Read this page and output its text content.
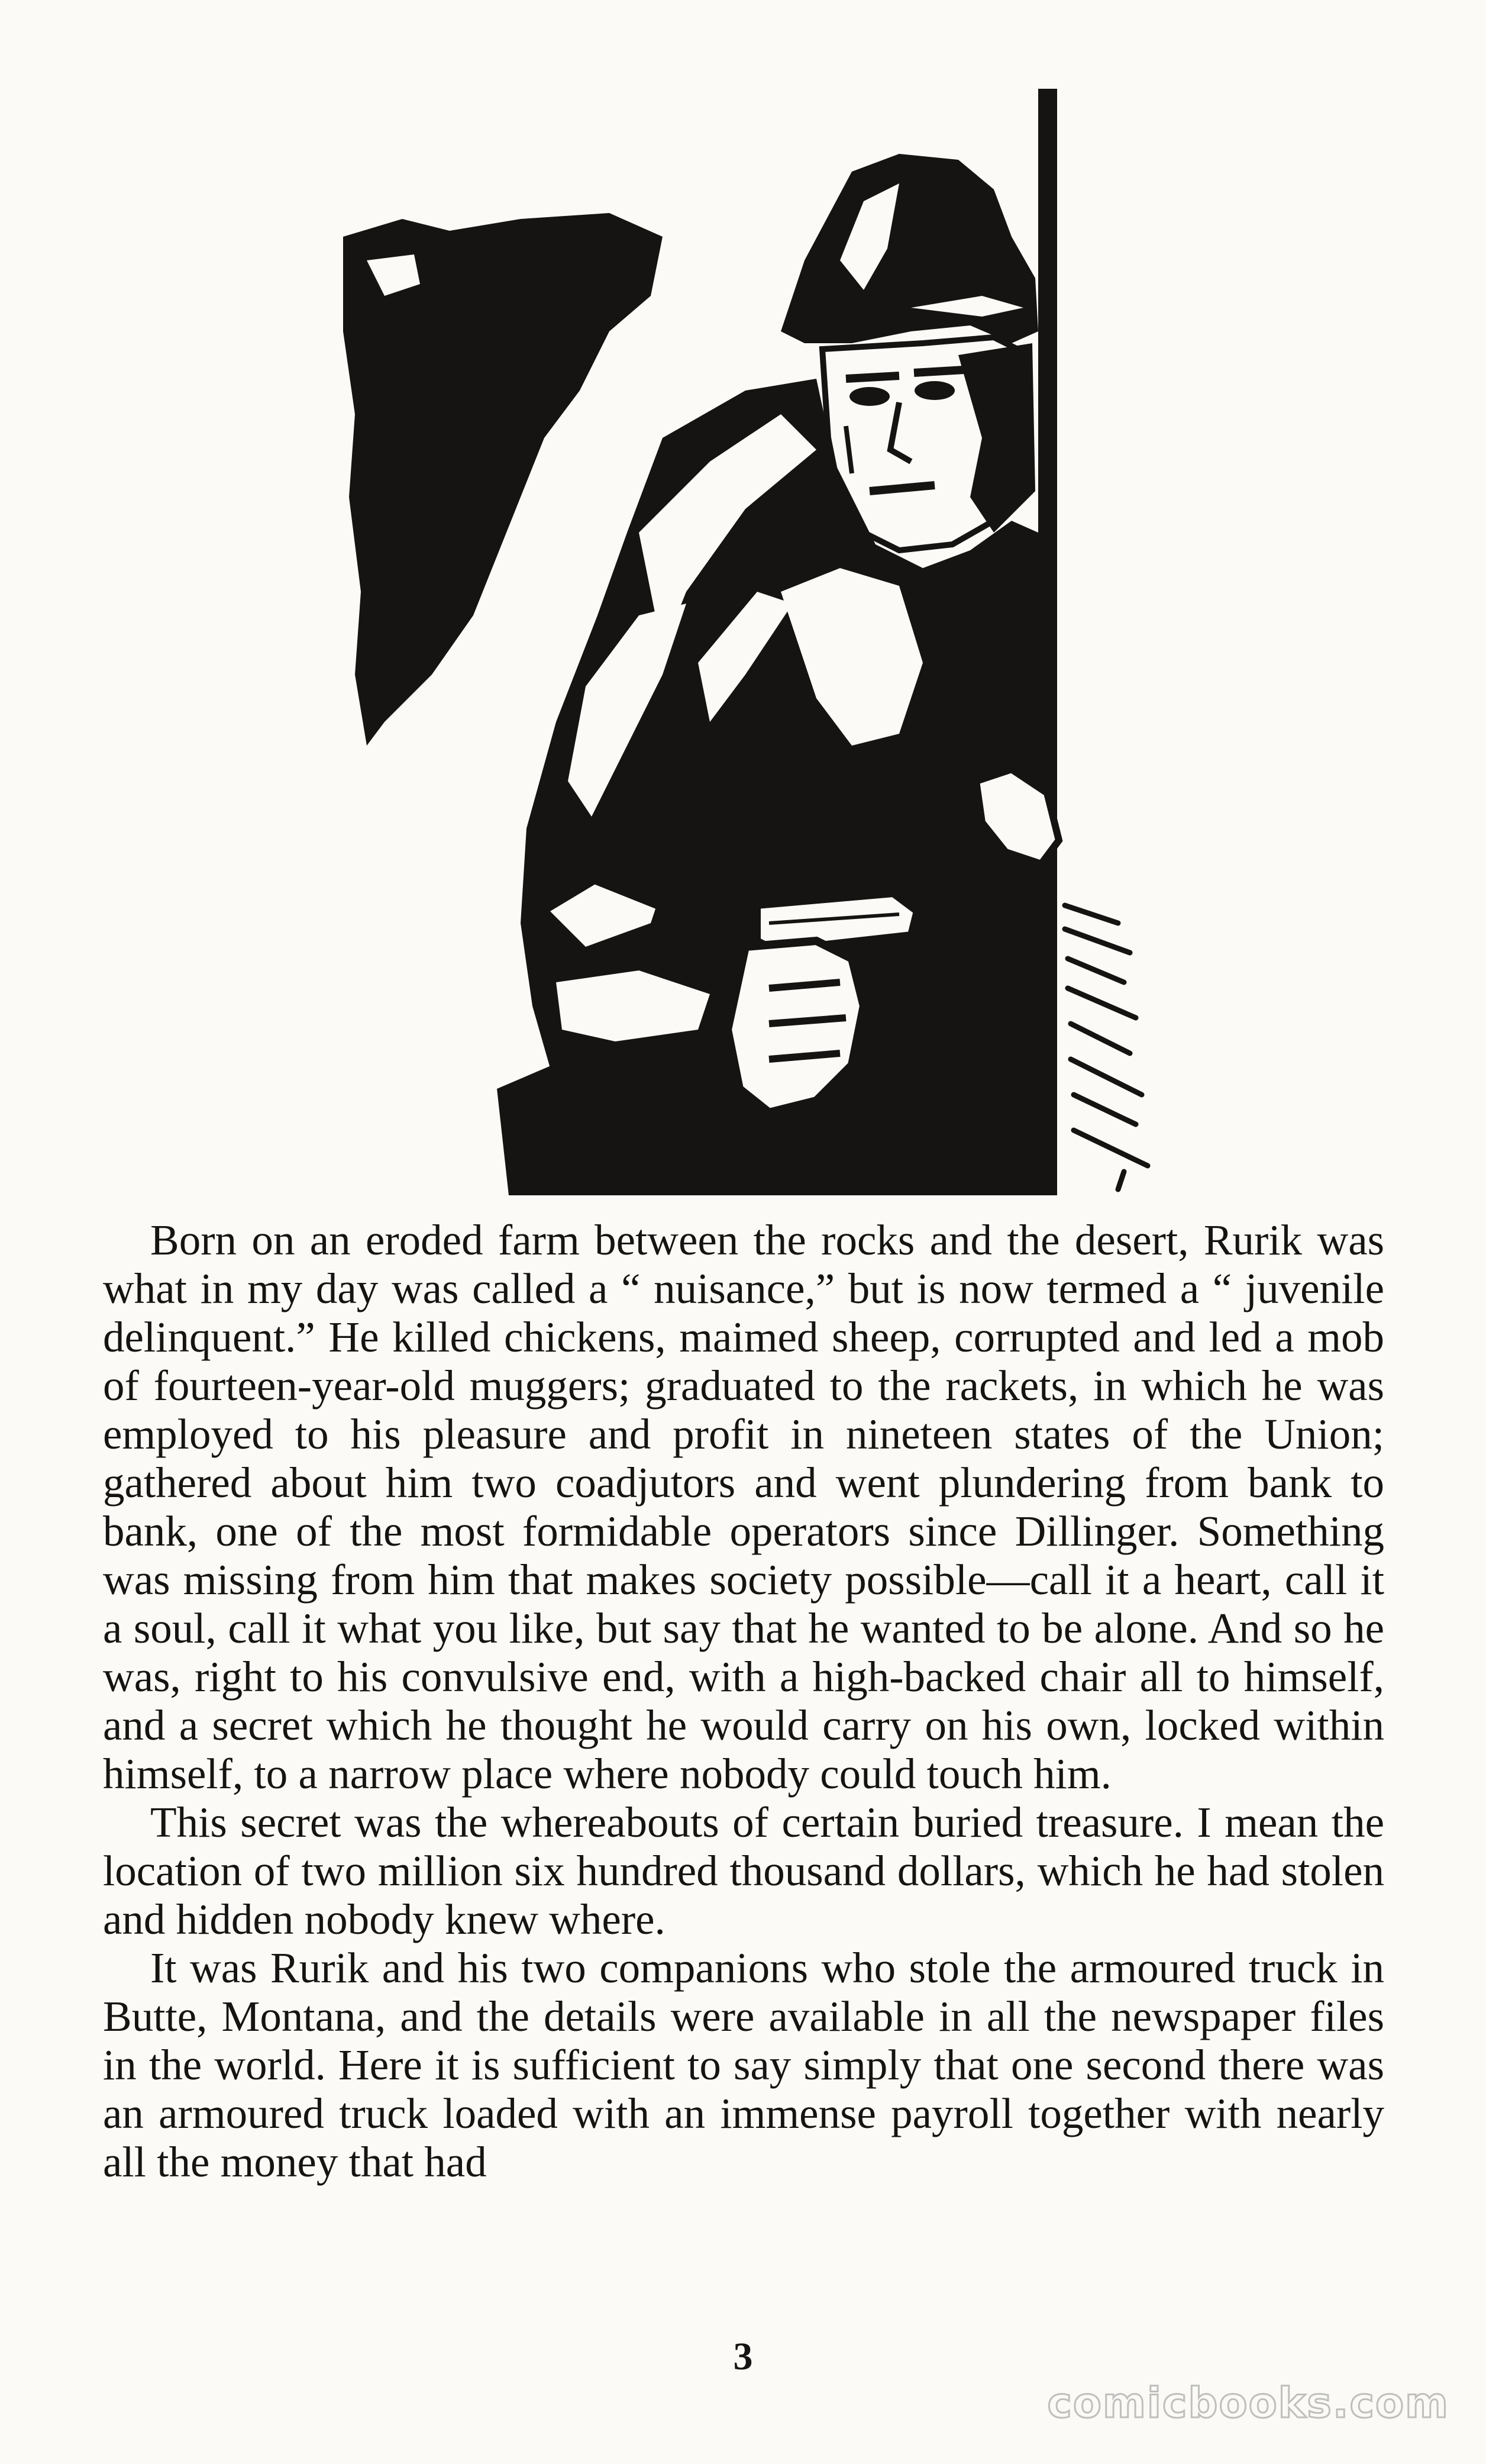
Born on an eroded farm between the rocks and the desert, Rurik was what in my day was called a “ nuisance,” but is now termed a “ juvenile delinquent.” He killed chickens, maimed sheep, corrupted and led a mob of fourteen-year-old muggers; graduated to the rackets, in which he was employed to his pleasure and profit in nineteen states of the Union; gathered about him two coadjutors and went plundering from bank to bank, one of the most formidable operators since Dillinger. Something was missing from him that makes society possible—call it a heart, call it a soul, call it what you like, but say that he wanted to be alone. And so he was, right to his convulsive end, with a high-backed chair all to himself, and a secret which he thought he would carry on his own, locked within himself, to a narrow place where nobody could touch him.

This secret was the whereabouts of certain buried treasure. I mean the location of two million six hundred thousand dollars, which he had stolen and hidden nobody knew where.

It was Rurik and his two companions who stole the armoured truck in Butte, Montana, and the details were available in all the newspaper files in the world. Here it is sufficient to say simply that one second there was an armoured truck loaded with an immense payroll together with nearly all the money that had

3
comicbooks.com
